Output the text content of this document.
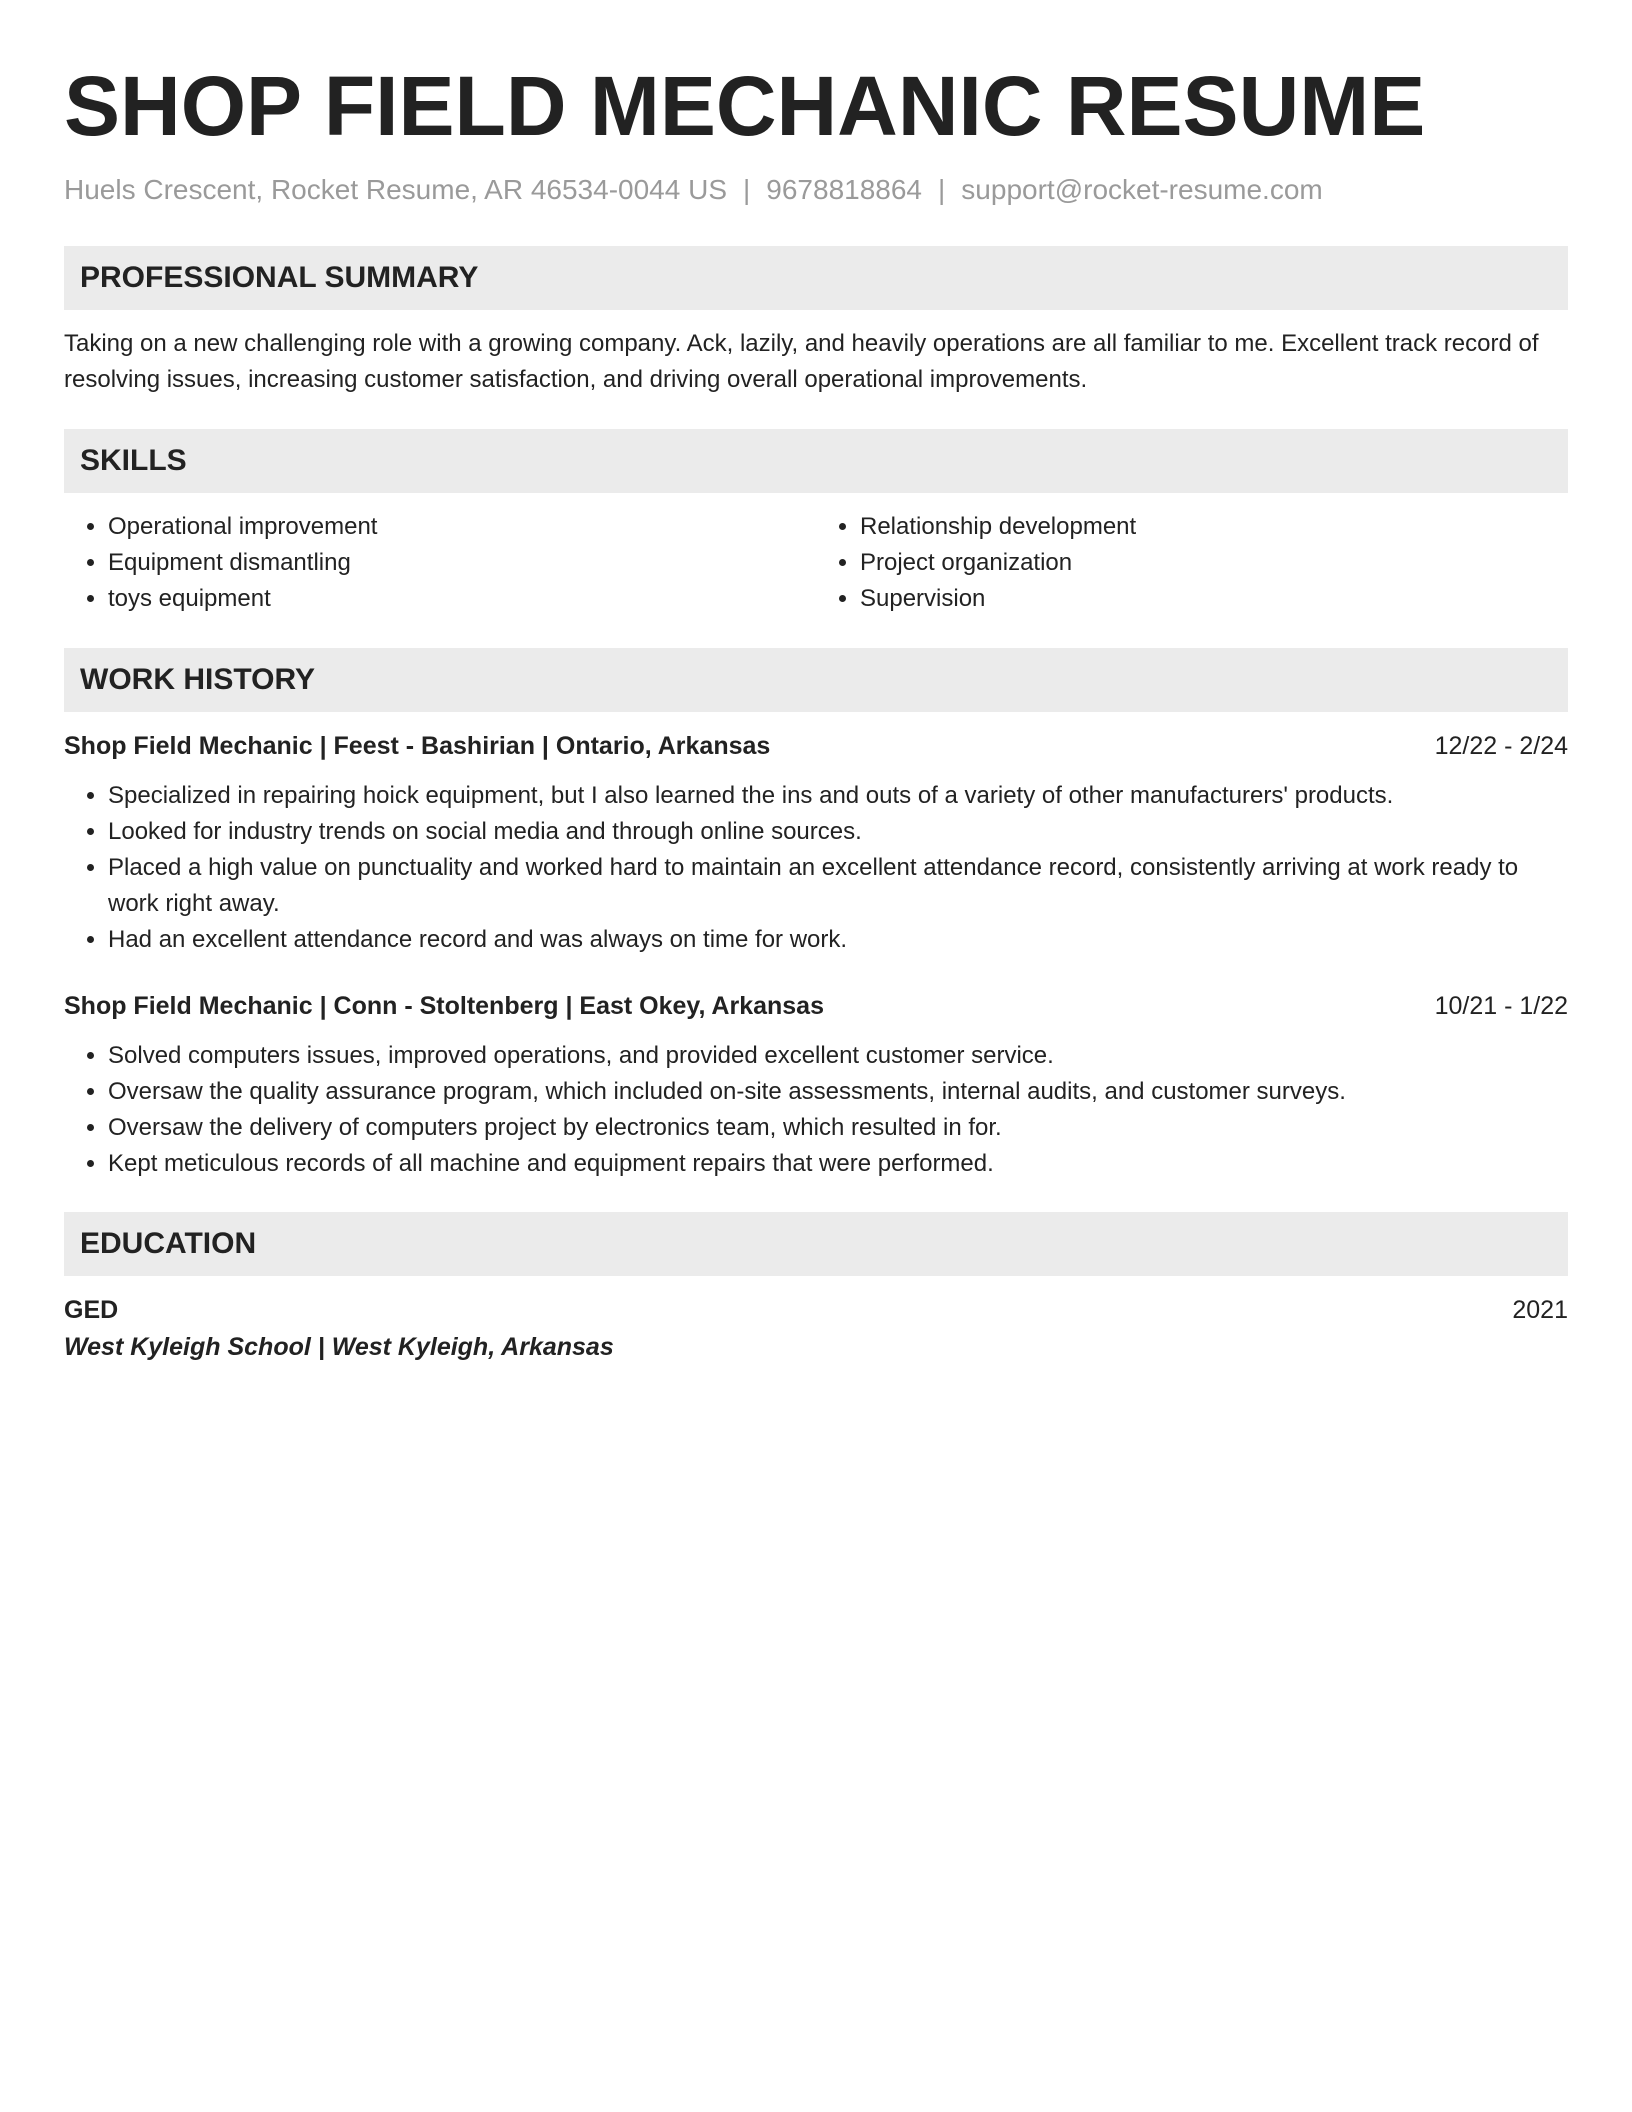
SHOP FIELD MECHANIC RESUME
Huels Crescent, Rocket Resume, AR 46534-0044 US | 9678818864 | support@rocket-resume.com
PROFESSIONAL SUMMARY
Taking on a new challenging role with a growing company. Ack, lazily, and heavily operations are all familiar to me. Excellent track record of resolving issues, increasing customer satisfaction, and driving overall operational improvements.
SKILLS
• Operational improvement
• Equipment dismantling
• toys equipment
• Relationship development
• Project organization
• Supervision
WORK HISTORY
Shop Field Mechanic | Feest - Bashirian | Ontario, Arkansas	12/22 - 2/24
• Specialized in repairing hoick equipment, but I also learned the ins and outs of a variety of other manufacturers' products.
• Looked for industry trends on social media and through online sources.
• Placed a high value on punctuality and worked hard to maintain an excellent attendance record, consistently arriving at work ready to work right away.
• Had an excellent attendance record and was always on time for work.
Shop Field Mechanic | Conn - Stoltenberg | East Okey, Arkansas	10/21 - 1/22
• Solved computers issues, improved operations, and provided excellent customer service.
• Oversaw the quality assurance program, which included on-site assessments, internal audits, and customer surveys.
• Oversaw the delivery of computers project by electronics team, which resulted in for.
• Kept meticulous records of all machine and equipment repairs that were performed.
EDUCATION
GED	2021
West Kyleigh School | West Kyleigh, Arkansas
